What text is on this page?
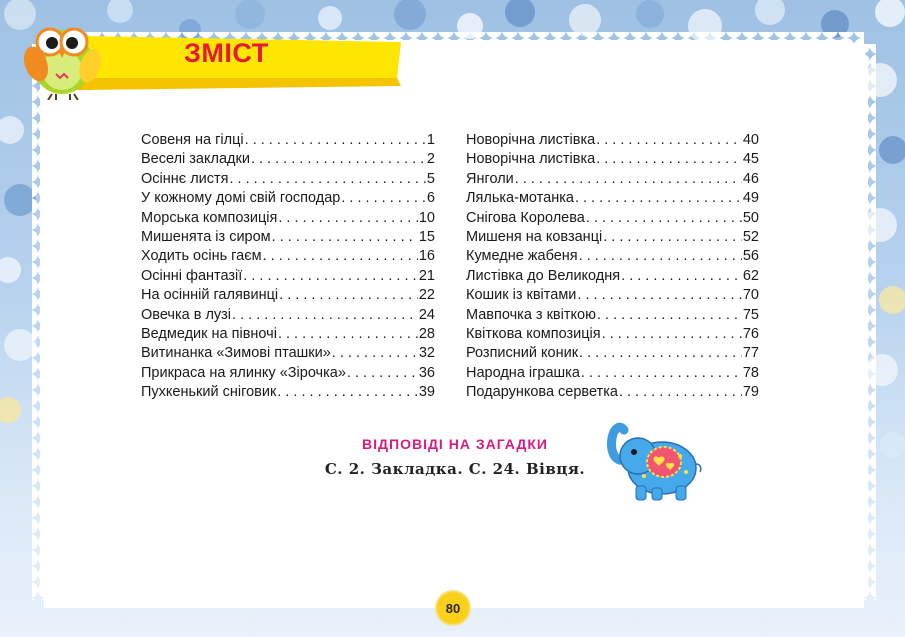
ЗМІСТ
Совеня на гілці . . .	1
Веселі закладки . . .	2
Осіннє листя . . .	5
У кожному домі свій господар . . .	6
Морська композиція . . .	10
Мишенята із сиром . . .	15
Ходить осінь гаєм . . .	16
Осінні фантазії . . .	21
На осінній галявинці . . .	22
Овечка в лузі . . .	24
Ведмедик на півночі . . .	28
Витинанка «Зимові пташки» . . .	32
Прикраса на ялинку «Зірочка» . . .	36
Пухкенький сніговик . . .	39
Новорічна листівка . . .	40
Новорічна листівка . . .	45
Янголи . . .	46
Лялька-мотанка . . .	49
Снігова Королева . . .	50
Мишеня на ковзанці . . .	52
Кумедне жабеня . . .	56
Листівка до Великодня . . .	62
Кошик із квітами . . .	70
Мавпочка з квіткою . . .	75
Квіткова композиція . . .	76
Розписний коник . . .	77
Народна іграшка . . .	78
Подарункова серветка . . .	79
ВІДПОВІДІ НА ЗАГАДКИ

С. 2. Закладка. С. 24. Вівця.

80
